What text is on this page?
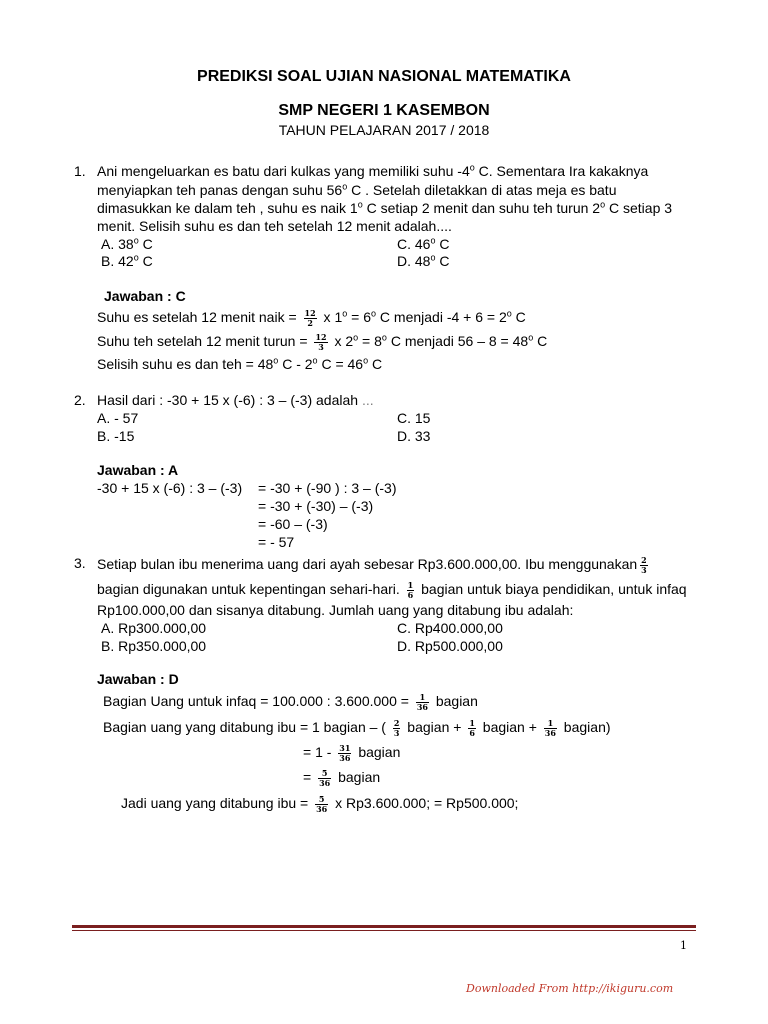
PREDIKSI SOAL UJIAN NASIONAL MATEMATIKA
SMP NEGERI 1 KASEMBON
TAHUN PELAJARAN 2017 / 2018
1. Ani mengeluarkan es batu dari kulkas yang memiliki suhu -4$^o$ C. Sementara Ira kakaknya
menyiapkan teh panas dengan suhu 56$^o$ C . Setelah diletakkan di atas meja es batu
dimasukkan ke dalam teh , suhu es naik 1$^o$ C setiap 2 menit dan suhu teh turun 2$^o$ C setiap 3
menit. Selisih suhu es dan teh setelah 12 menit adalah....
A. 38$^o$ C	C. 46$^o$ C
B. 42$^o$ C	D. 48$^o$ C
Jawaban : C
Suhu es setelah 12 menit naik = $\frac{12}{2}$ x $1^o = 6^o$ C menjadi $-4 + 6 = 2^o$ C
Suhu teh setelah 12 menit turun = $\frac{12}{3}$ x $2^o = 8^o$ C menjadi $56 - 8 = 48^o$ C
Selisih suhu es dan teh = $48^o$ C - 2$^o$ $C = 46^o$ C
2. Hasil dari : -30 + 15 x (-6) : 3 – (-3) adalah ...
A. - 57	C. 15
B. -15	D. 33
Jawaban : A
-30 + 15 x (-6) : 3 – (-3) = -30 + (-90 ) : 3 – (-3)
= -30 + (-30) – (-3)
= -60 – (-3)
= - 57
3. Setiap bulan ibu menerima uang dari ayah sebesar Rp3.600.000,00. Ibu menggunakan $\frac{2}{3}$
bagian digunakan untuk kepentingan sehari-hari. $\frac{1}{6}$ bagian untuk biaya pendidikan, untuk infaq
Rp100.000,00 dan sisanya ditabung. Jumlah uang yang ditabung ibu adalah:
A. Rp300.000,00	C. Rp400.000,00
B. Rp350.000,00	D. Rp500.000,00
Jawaban : D
Bagian Uang untuk infaq = 100.000 : $3.600.000 = \frac{1}{36}$ bagian
Bagian uang yang ditabung ibu = 1 bagian – ( $\frac{2}{3}$ bagian + $\frac{1}{6}$ bagian + $\frac{1}{36}$ bagian)
= $1 - \frac{31}{36}$ bagian
= $\frac{5}{36}$ bagian
Jadi uang yang ditabung ibu = $\frac{5}{36}$ x Rp3.600.000; = Rp500.000;
1
Downloaded From http://ikiguru.com
